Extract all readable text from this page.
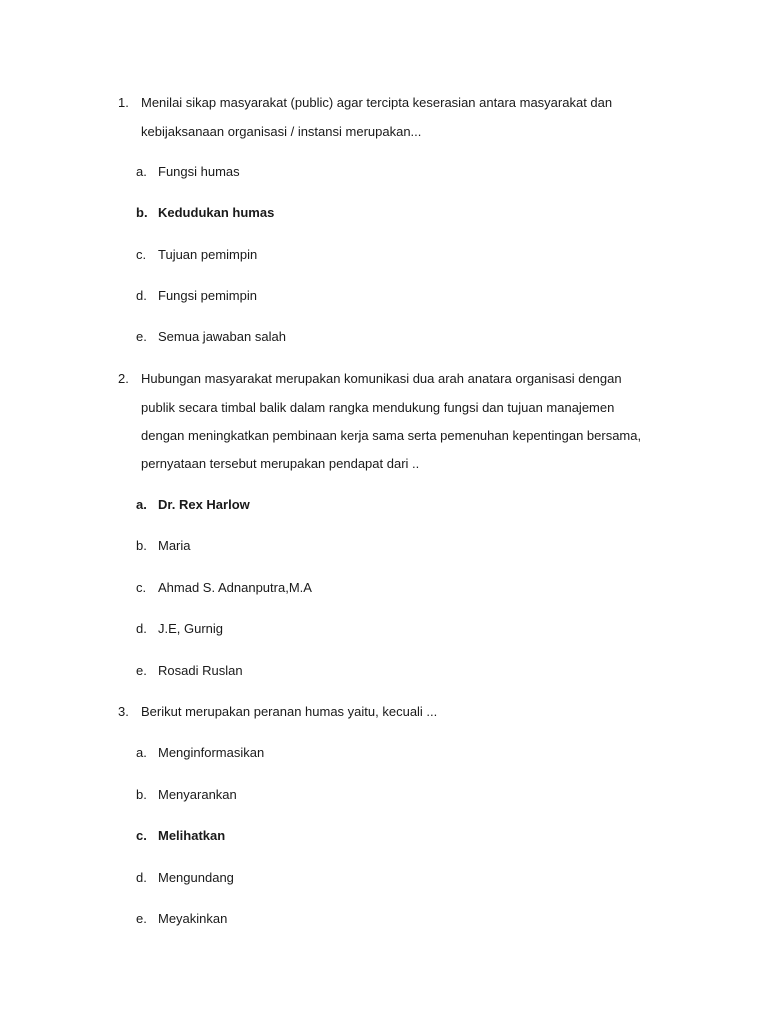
1. Menilai sikap masyarakat (public) agar tercipta keserasian antara masyarakat dan
kebijaksanaan organisasi / instansi merupakan...
a. Fungsi humas
b. Kedudukan humas
c. Tujuan pemimpin
d. Fungsi pemimpin
e. Semua jawaban salah
2. Hubungan masyarakat merupakan komunikasi dua arah anatara organisasi dengan
publik secara timbal balik dalam rangka mendukung fungsi dan tujuan manajemen
dengan meningkatkan pembinaan kerja sama serta pemenuhan kepentingan bersama,
pernyataan tersebut merupakan pendapat dari ..
a. Dr. Rex Harlow
b. Maria
c. Ahmad S. Adnanputra,M.A
d. J.E, Gurnig
e. Rosadi Ruslan
3. Berikut merupakan peranan humas yaitu, kecuali ...
a. Menginformasikan
b. Menyarankan
c. Melihatkan
d. Mengundang
e. Meyakinkan
